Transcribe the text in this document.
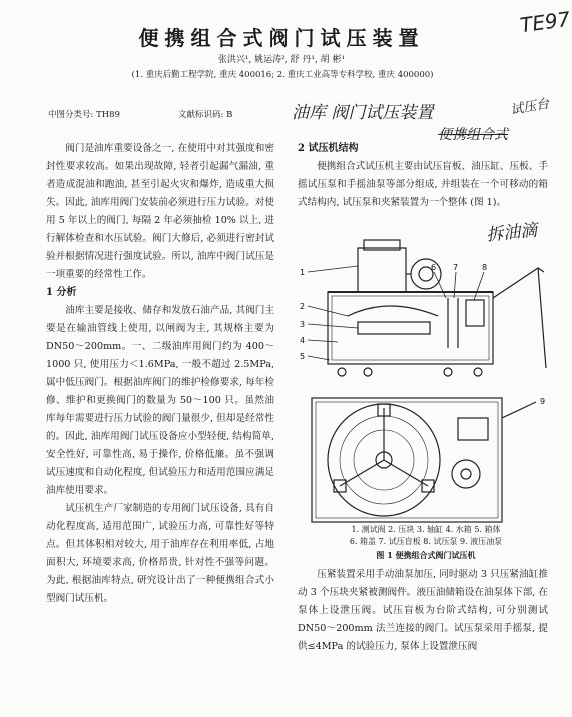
便携组合式阀门试压装置
张洪兴¹, 姚运涛², 舒 丹¹, 胡 彬¹
(1. 重庆后勤工程学院, 重庆 400016; 2. 重庆工业高等专科学校, 重庆 400000)
中图分类号: TH89	文献标识码: B
TE97
油库 阀门试压装置	试压台
便携组合式
拆油滴

阀门是油库重要设备之一, 在使用中对其强度和密封性要求较高。如果出现故障, 轻者引起漏气漏油, 重者造成混油和跑油, 甚至引起火灾和爆炸, 造成重大损失。因此, 油库用阀门安装前必须进行压力试验。对使用 5 年以上的阀门, 每隔 2 年必须抽检 10% 以上, 进行解体检查和水压试验。阀门大修后, 必须进行密封试验并根据情况进行强度试验。所以, 油库中阀门试压是一项重要的经常性工作。

1 分析

油库主要是接收、储存和发放石油产品, 其阀门主要是在输油管线上使用, 以闸阀为主, 其规格主要为 DN50～200mm。一、二级油库用阀门约为 400～1000 只, 使用压力＜1.6MPa, 一般不超过 2.5MPa, 属中低压阀门。根据油库阀门的维护检修要求, 每年检修、维护和更换阀门的数量为 50～100 只。虽然油库每年需要进行压力试验的阀门量很少, 但却是经常性的。因此, 油库用阀门试压设备应小型轻便, 结构简单, 安全性好, 可靠性高, 易于操作, 价格低廉。虽不强调试压速度和自动化程度, 但试验压力和适用范围应满足油库使用要求。

试压机生产厂家制造的专用阀门试压设备, 具有自动化程度高, 适用范围广, 试验压力高, 可靠性好等特点。但其体积相对较大, 用于油库存在利用率低, 占地面积大, 环境要求高, 价格昂贵, 针对性不强等问题。为此, 根据油库特点, 研究设计出了一种便携组合式小型阀门试压机。

2 试压机结构

便携组合式试压机主要由试压盲板、油压缸、压板、手摇试压泵和手摇油泵等部分组成, 并组装在一个可移动的箱式结构内, 试压泵和夹紧装置为一个整体 (图 1)。

1
2
3
4
5
6 7	8
9
1. 测试阀 2. 压块 3. 轴缸 4. 水箱 5. 箱体
6. 箱盖 7. 试压盲板 8. 试压泵 9. 液压油泵
图 1 便携组合式阀门试压机

压紧装置采用手动油泵加压, 同时驱动 3 只压紧油缸推动 3 个压块夹紧被测阀件。液压油储箱设在油泵体下部, 在泵体上设泄压阀。试压盲板为台阶式结构, 可分别测试 DN50～200mm 法兰连接的阀门。试压泵采用手摇泵, 提供≤4MPa 的试验压力, 泵体上设置泄压阀
